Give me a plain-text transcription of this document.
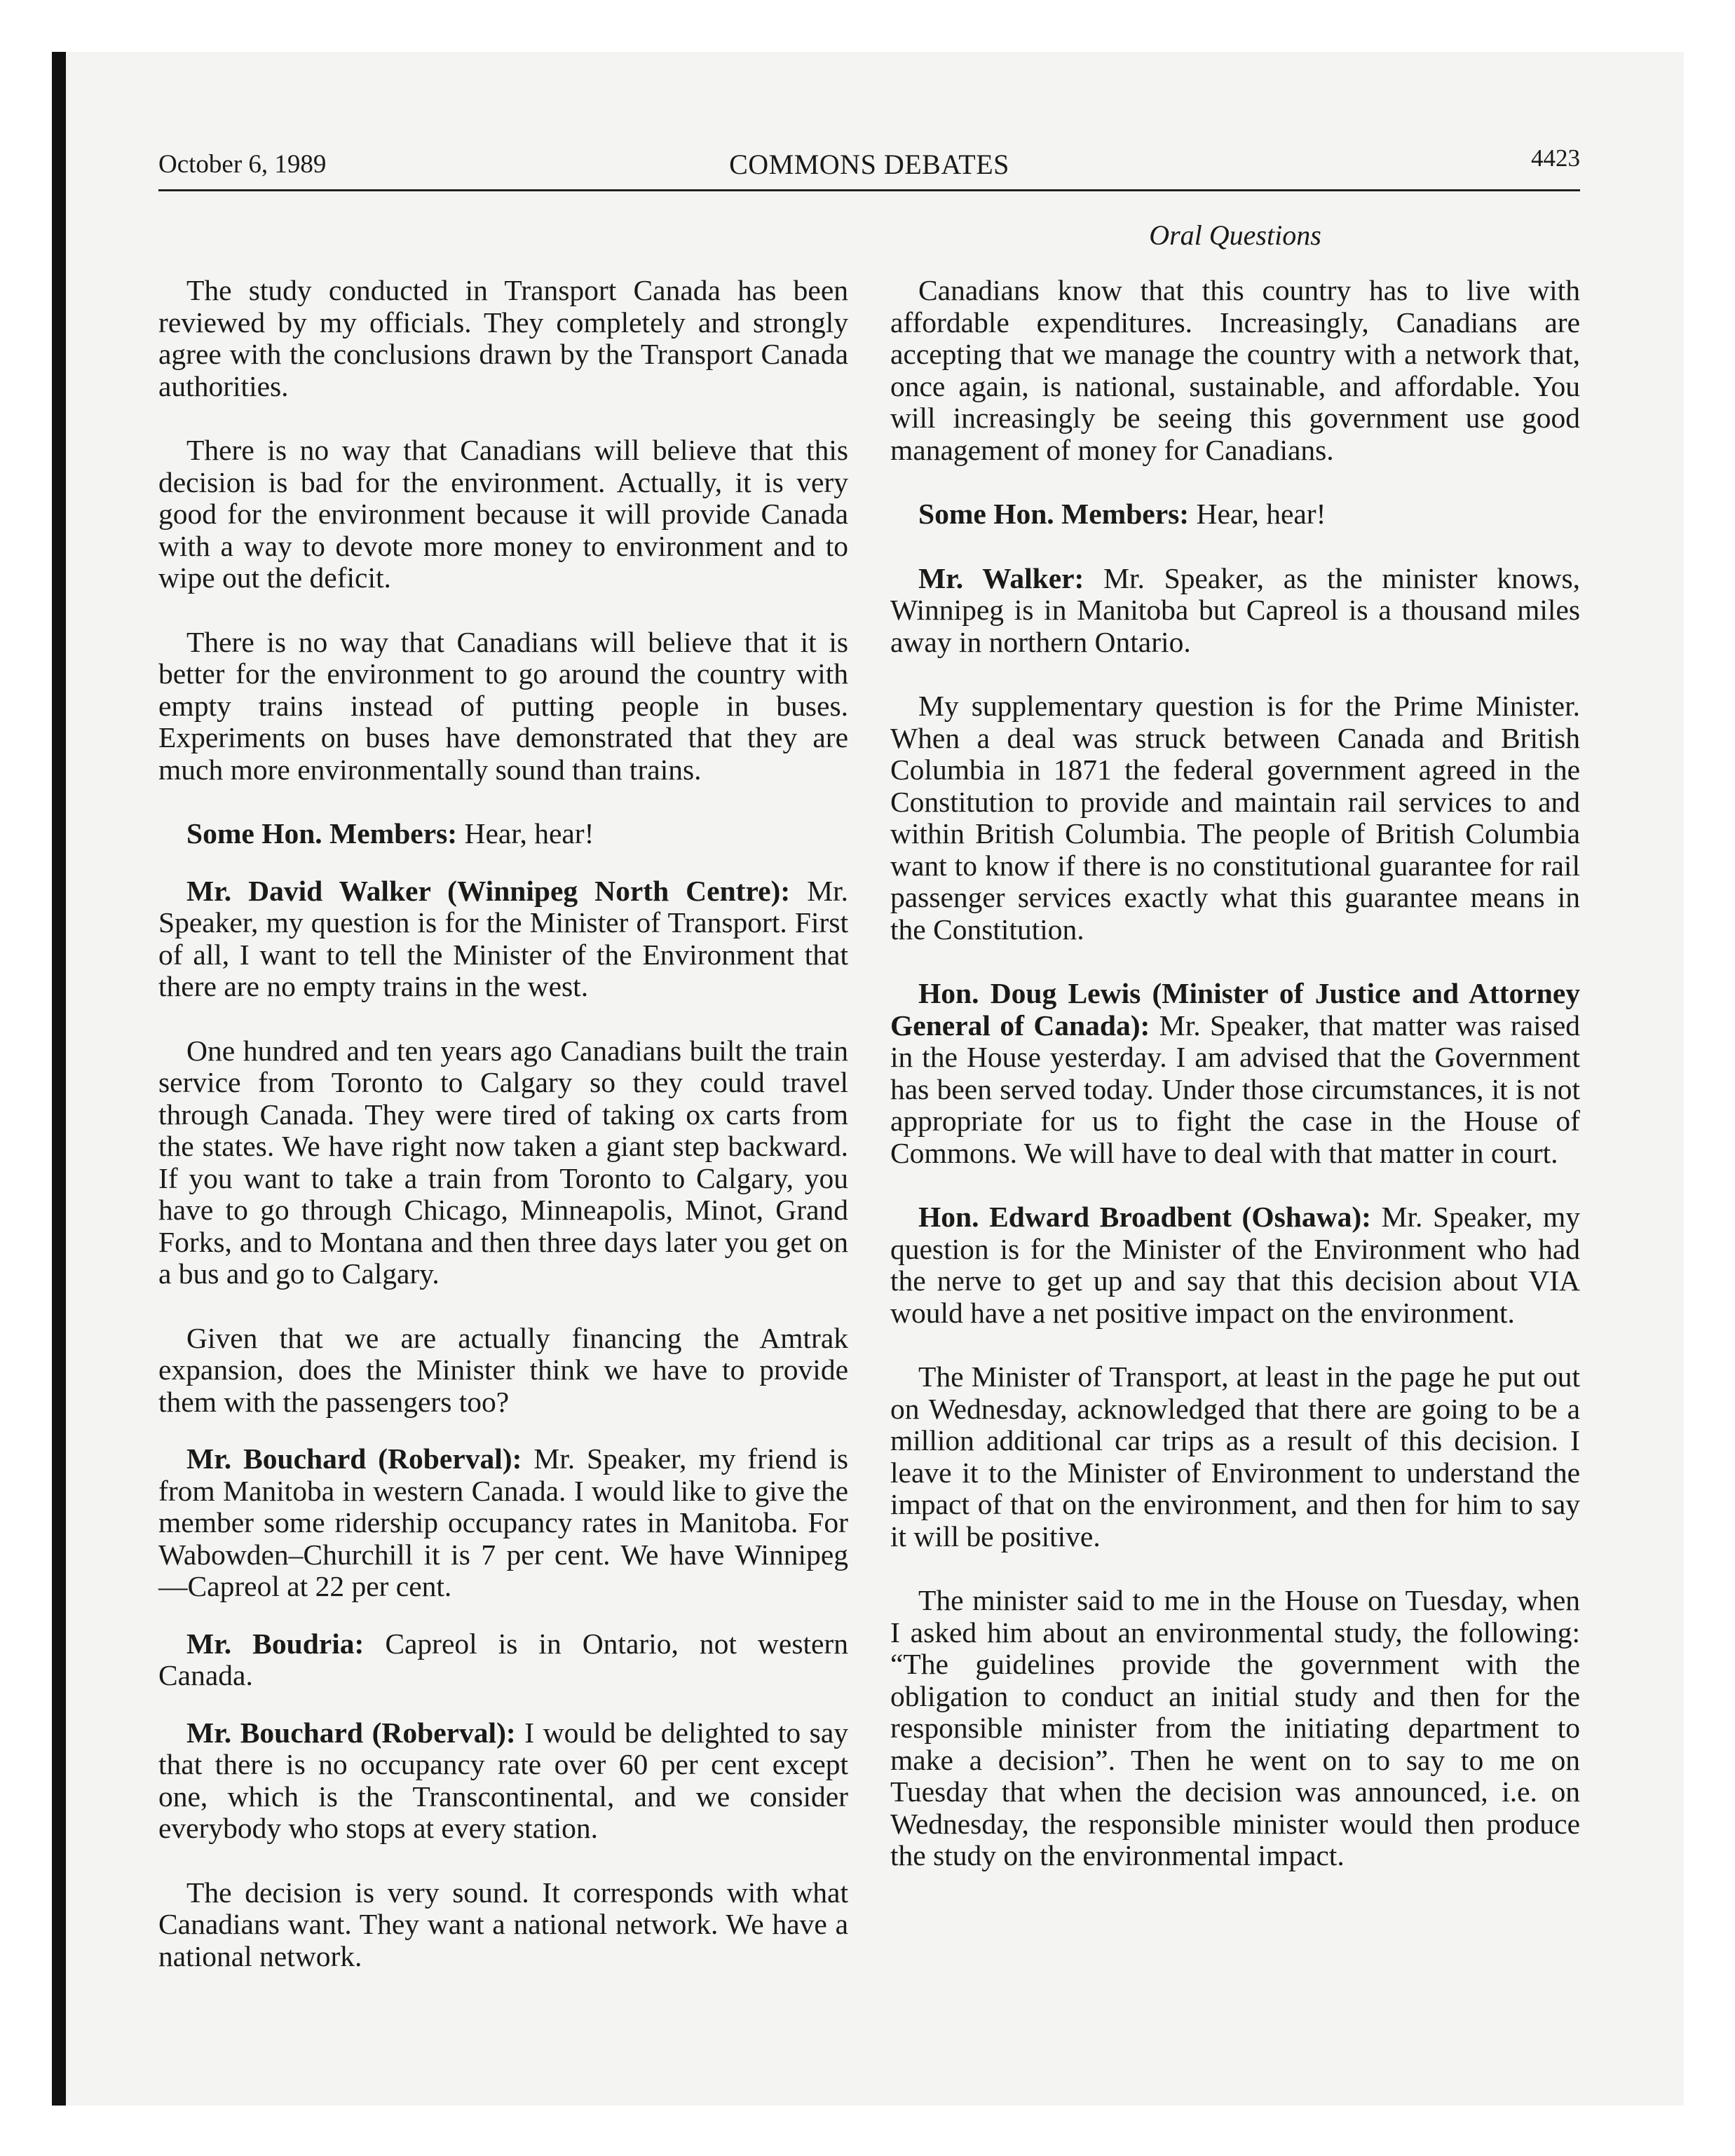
October 6, 1989	COMMONS DEBATES	4423
Oral Questions

The study conducted in Transport Canada has been reviewed by my officials. They completely and strongly agree with the conclusions drawn by the Transport Canada authorities.

There is no way that Canadians will believe that this decision is bad for the environment. Actually, it is very good for the environment because it will provide Canada with a way to devote more money to environment and to wipe out the deficit.

There is no way that Canadians will believe that it is better for the environment to go around the country with empty trains instead of putting people in buses. Experiments on buses have demonstrated that they are much more environmentally sound than trains.

Some Hon. Members: Hear, hear!

Mr. David Walker (Winnipeg North Centre): Mr. Speaker, my question is for the Minister of Transport. First of all, I want to tell the Minister of the Environment that there are no empty trains in the west.

One hundred and ten years ago Canadians built the train service from Toronto to Calgary so they could travel through Canada. They were tired of taking ox carts from the states. We have right now taken a giant step backward. If you want to take a train from Toronto to Calgary, you have to go through Chicago, Minneapolis, Minot, Grand Forks, and to Montana and then three days later you get on a bus and go to Calgary.

Given that we are actually financing the Amtrak expansion, does the Minister think we have to provide them with the passengers too?

Mr. Bouchard (Roberval): Mr. Speaker, my friend is from Manitoba in western Canada. I would like to give the member some ridership occupancy rates in Manitoba. For Wabowden–Churchill it is 7 per cent. We have Winnipeg—Capreol at 22 per cent.

Mr. Boudria: Capreol is in Ontario, not western Canada.

Mr. Bouchard (Roberval): I would be delighted to say that there is no occupancy rate over 60 per cent except one, which is the Transcontinental, and we consider everybody who stops at every station.

The decision is very sound. It corresponds with what Canadians want. They want a national network. We have a national network.

Canadians know that this country has to live with affordable expenditures. Increasingly, Canadians are accepting that we manage the country with a network that, once again, is national, sustainable, and affordable. You will increasingly be seeing this government use good management of money for Canadians.

Some Hon. Members: Hear, hear!

Mr. Walker: Mr. Speaker, as the minister knows, Winnipeg is in Manitoba but Capreol is a thousand miles away in northern Ontario.

My supplementary question is for the Prime Minister. When a deal was struck between Canada and British Columbia in 1871 the federal government agreed in the Constitution to provide and maintain rail services to and within British Columbia. The people of British Columbia want to know if there is no constitutional guarantee for rail passenger services exactly what this guarantee means in the Constitution.

Hon. Doug Lewis (Minister of Justice and Attorney General of Canada): Mr. Speaker, that matter was raised in the House yesterday. I am advised that the Government has been served today. Under those circumstances, it is not appropriate for us to fight the case in the House of Commons. We will have to deal with that matter in court.

Hon. Edward Broadbent (Oshawa): Mr. Speaker, my question is for the Minister of the Environment who had the nerve to get up and say that this decision about VIA would have a net positive impact on the environment.

The Minister of Transport, at least in the page he put out on Wednesday, acknowledged that there are going to be a million additional car trips as a result of this decision. I leave it to the Minister of Environment to understand the impact of that on the environment, and then for him to say it will be positive.

The minister said to me in the House on Tuesday, when I asked him about an environmental study, the following: “The guidelines provide the government with the obligation to conduct an initial study and then for the responsible minister from the initiating department to make a decision”. Then he went on to say to me on Tuesday that when the decision was announced, i.e. on Wednesday, the responsible minister would then produce the study on the environmental impact.
